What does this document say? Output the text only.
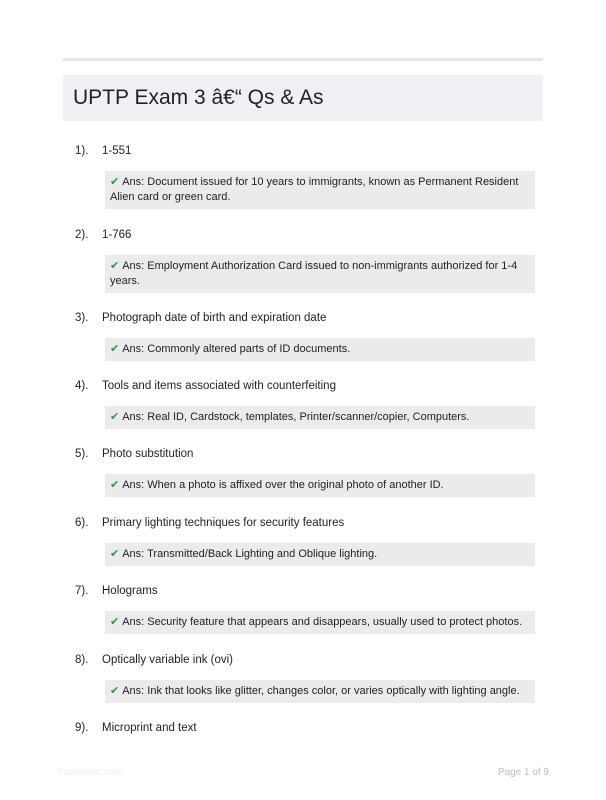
UPTP Exam 3 â€“ Qs & As
1).	1-551
✔ Ans: Document issued for 10 years to immigrants, known as Permanent Resident Alien card or green card.
2).	1-766
✔ Ans: Employment Authorization Card issued to non-immigrants authorized for 1-4 years.
3).	Photograph date of birth and expiration date
✔ Ans: Commonly altered parts of ID documents.
4).	Tools and items associated with counterfeiting
✔ Ans: Real ID, Cardstock, templates, Printer/scanner/copier, Computers.
5).	Photo substitution
✔ Ans: When a photo is affixed over the original photo of another ID.
6).	Primary lighting techniques for security features
✔ Ans: Transmitted/Back Lighting and Oblique lighting.
7).	Holograms
✔ Ans: Security feature that appears and disappears, usually used to protect photos.
8).	Optically variable ink (ovi)
✔ Ans: Ink that looks like glitter, changes color, or varies optically with lighting angle.
9).	Microprint and text
Paperlibic.com	Page 1 of 9
